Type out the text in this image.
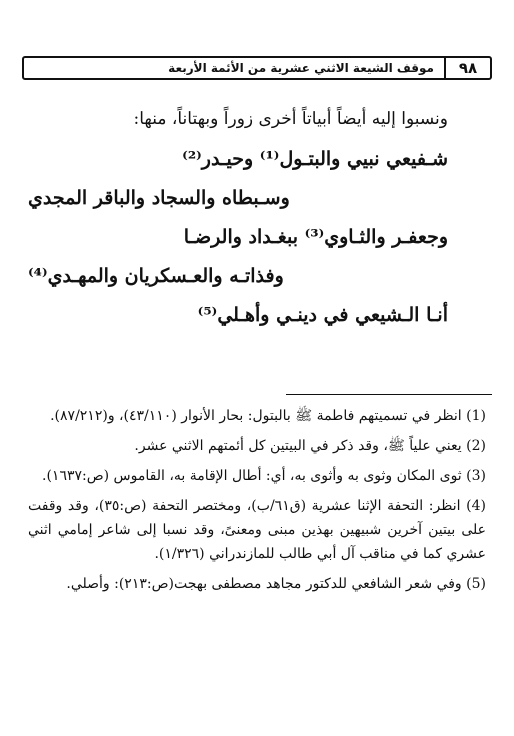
٩٨
موقف الشيعة الاثني عشرية من الأئمة الأربعة

ونسبوا إليه أيضاً أبياتاً أخرى زوراً وبهتاناً، منها:

شـفيعي نبيي والبتـول⁽¹⁾ وحيـدر⁽²⁾
وسـبطاه والسجاد والباقر المجدي
وجعفـر والثـاوي⁽³⁾ ببغـداد والرضـا
وفذاتـه والعـسكريان والمهـدي⁽⁴⁾
أنـا الـشيعي في دينـي وأهـلي⁽⁵⁾

(1) انظر في تسميتهم فاطمة ﷺ بالبتول: بحار الأنوار (٤٣/١١٠)، و(٨٧/٢١٢).

(2) يعني علياً ﷺ، وقد ذكر في البيتين كل أئمتهم الاثني عشر.

(3) ثوى المكان وثوى به وأثوى به، أي: أطال الإقامة به، القاموس (ص:١٦٣٧).

(4) انظر: التحفة الإثنا عشرية (ق٦١/ب)، ومختصر التحفة (ص:٣٥)، وقد وقفت على بيتين آخرين شبيهين بهذين مبنى ومعنىً، وقد نسبا إلى شاعر إمامي اثني عشري كما في مناقب آل أبي طالب للمازندراني (١/٣٢٦).

(5) وفي شعر الشافعي للدكتور مجاهد مصطفى بهجت(ص:٢١٣): وأصلي.
